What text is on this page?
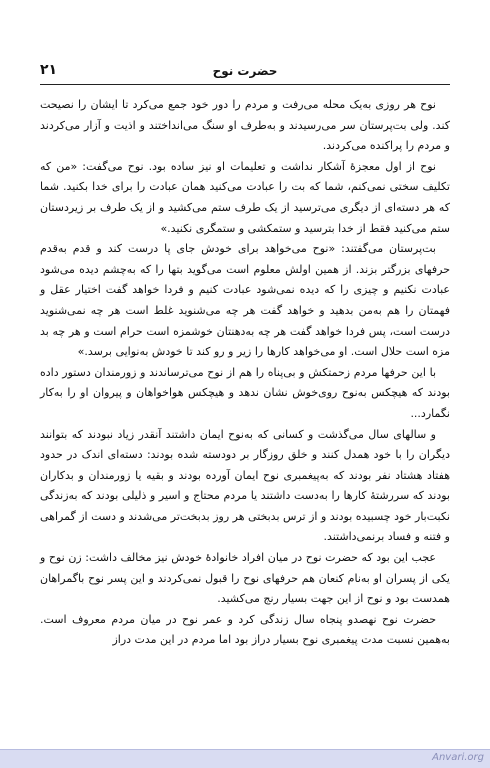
حضرت نوح
۲۱

نوح هر روزی به‌یک محله می‌رفت و مردم را دور خود جمع می‌کرد تا ایشان را نصیحت کند. ولی بت‌پرستان سر می‌رسیدند و به‌طرف او سنگ می‌انداختند و اذیت و آزار می‌کردند و مردم را پراکنده می‌کردند.

نوح از اول معجزهٔ آشکار نداشت و تعلیمات او نیز ساده بود. نوح می‌گفت: «من که تکلیف سختی نمی‌کنم، شما که بت را عبادت می‌کنید همان عبادت را برای خدا بکنید. شما که هر دسته‌ای از دیگری می‌ترسید از یک طرف ستم می‌کشید و از یک طرف بر زیردستان ستم می‌کنید فقط از خدا بترسید و ستمکشی و ستمگری نکنید.»

بت‌پرستان می‌گفتند: «نوح می‌خواهد برای خودش جای پا درست کند و قدم به‌قدم حرفهای بزرگتر بزند. از همین اولش معلوم است می‌گوید بتها را که به‌چشم دیده می‌شود عبادت نکنیم و چیزی را که دیده نمی‌شود عبادت کنیم و فردا خواهد گفت اختیار عقل و فهمتان را هم به‌من بدهید و خواهد گفت هر چه می‌شنوید غلط است هر چه نمی‌شنوید درست است، پس فردا خواهد گفت هر چه به‌دهنتان خوشمزه است حرام است و هر چه بد مزه است حلال است. او می‌خواهد کارها را زیر و رو کند تا خودش به‌نوایی برسد.»

با این حرفها مردم زحمتکش و بی‌پناه را هم از نوح می‌ترساندند و زورمندان دستور داده بودند که هیچکس به‌نوح روی‌خوش نشان ندهد و هیچکس هواخواهان و پیروان او را به‌کار نگمارد...

و سالهای سال می‌گذشت و کسانی که به‌نوح ایمان داشتند آنقدر زیاد نبودند که بتوانند دیگران را با خود همدل کنند و خلق روزگار بر دودسته شده بودند: دسته‌ای اندک در حدود هفتاد هشتاد نفر بودند که به‌پیغمبری نوح ایمان آورده بودند و بقیه یا زورمندان و بدکاران بودند که سررشتهٔ کارها را به‌دست داشتند یا مردم محتاج و اسیر و ذلیلی بودند که به‌زندگی نکبت‌بار خود چسبیده بودند و از ترس بدبختی هر روز بدبخت‌تر می‌شدند و دست از گمراهی و فتنه و فساد برنمی‌داشتند.

عجب این بود که حضرت نوح در میان افراد خانوادهٔ خودش نیز مخالف داشت: زن نوح و یکی از پسران او به‌نام کنعان هم حرفهای نوح را قبول نمی‌کردند و این پسر نوح با‌گمراهان همدست بود و نوح از این جهت بسیار رنج می‌کشید.

حضرت نوح نهصدو پنجاه سال زندگی کرد و عمر نوح در میان مردم معروف است. به‌همین نسبت مدت پیغمبری نوح بسیار دراز بود اما مردم در این مدت دراز

Anvari.org
